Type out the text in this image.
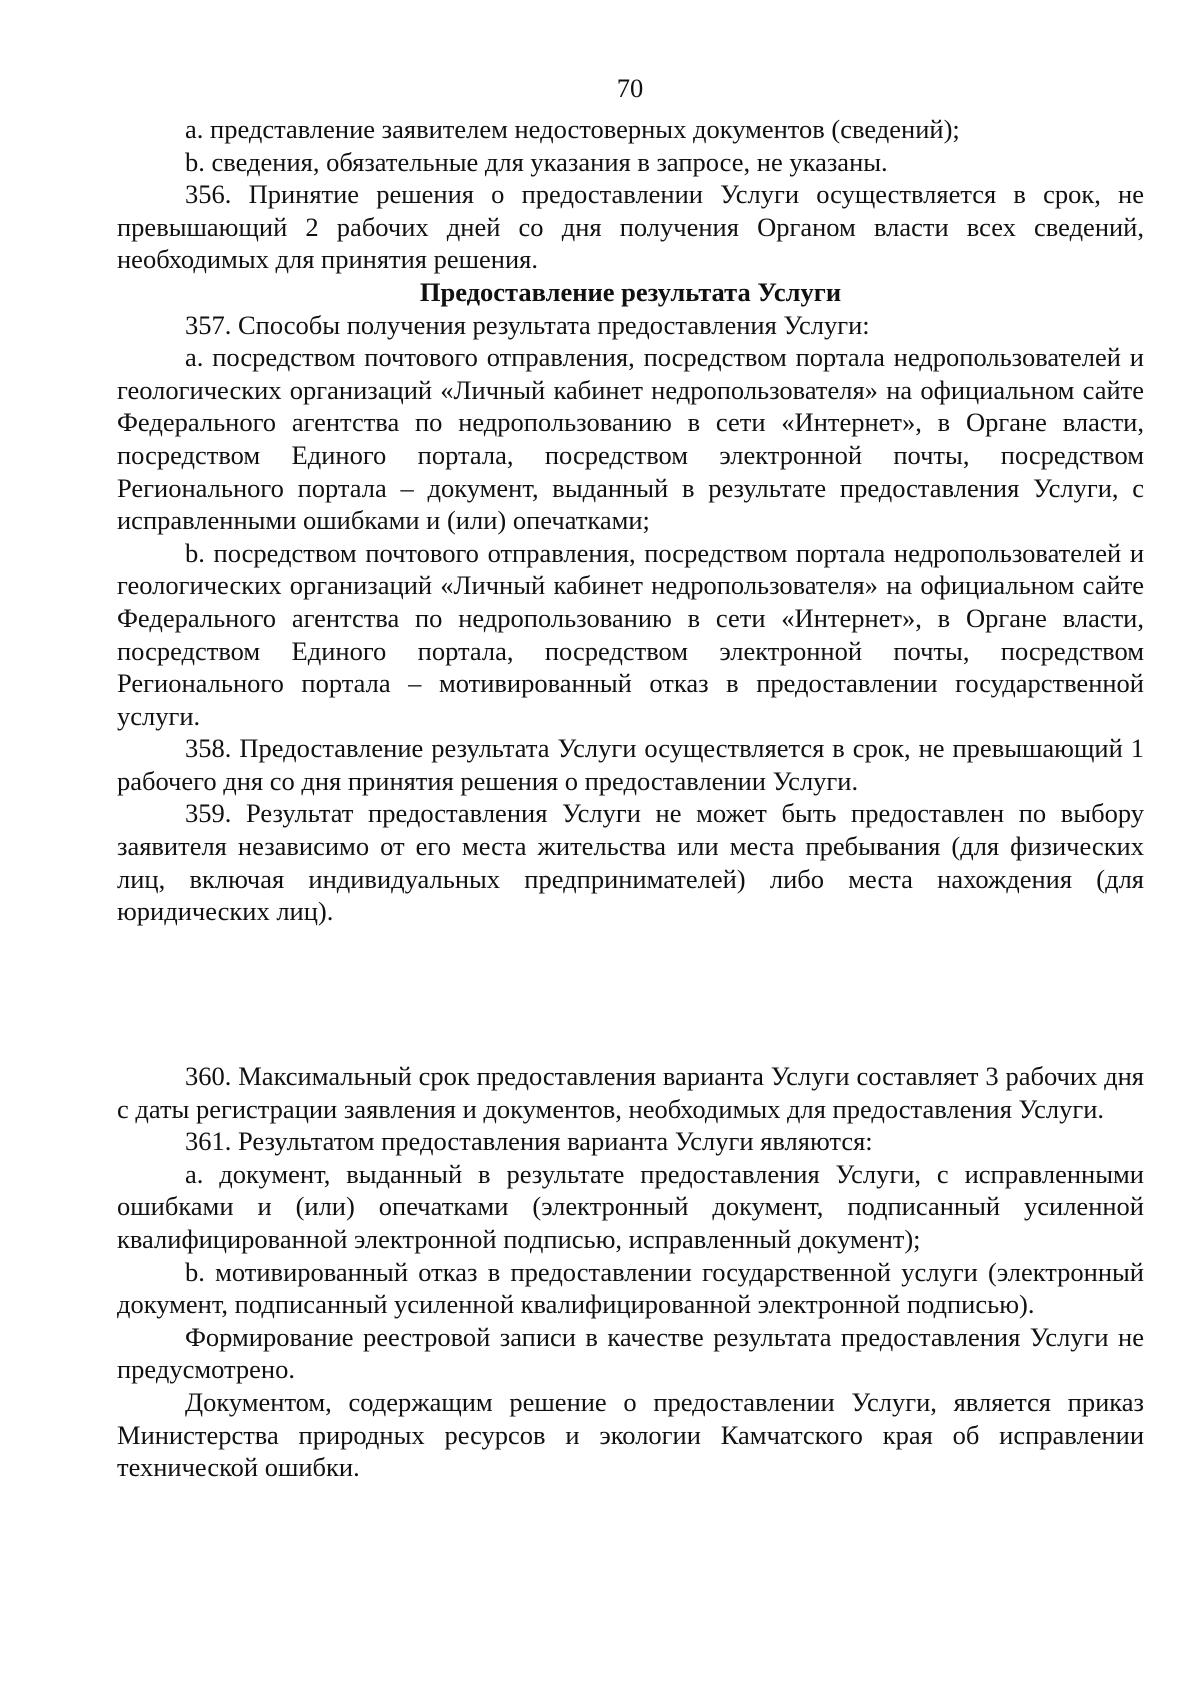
70

a. представление заявителем недостоверных документов (сведений);

b. сведения, обязательные для указания в запросе, не указаны.

356. Принятие решения о предоставлении Услуги осуществляется в срок, не превышающий 2 рабочих дней со дня получения Органом власти всех сведений, необходимых для принятия решения.

Предоставление результата Услуги

357. Способы получения результата предоставления Услуги:

a. посредством почтового отправления, посредством портала недропользователей и геологических организаций «Личный кабинет недропользователя» на официальном сайте Федерального агентства по недропользованию в сети «Интернет», в Органе власти, посредством Единого портала, посредством электронной почты, посредством Регионального портала – документ, выданный в результате предоставления Услуги, с исправленными ошибками и (или) опечатками;

b. посредством почтового отправления, посредством портала недропользователей и геологических организаций «Личный кабинет недропользователя» на официальном сайте Федерального агентства по недропользованию в сети «Интернет», в Органе власти, посредством Единого портала, посредством электронной почты, посредством Регионального портала – мотивированный отказ в предоставлении государственной услуги.

358. Предоставление результата Услуги осуществляется в срок, не превышающий 1 рабочего дня со дня принятия решения о предоставлении Услуги.

359. Результат предоставления Услуги не может быть предоставлен по выбору заявителя независимо от его места жительства или места пребывания (для физических лиц, включая индивидуальных предпринимателей) либо места нахождения (для юридических лиц).

360. Максимальный срок предоставления варианта Услуги составляет 3 рабочих дня с даты регистрации заявления и документов, необходимых для предоставления Услуги.

361. Результатом предоставления варианта Услуги являются:

a. документ, выданный в результате предоставления Услуги, с исправленными ошибками и (или) опечатками (электронный документ, подписанный усиленной квалифицированной электронной подписью, исправленный документ);

b. мотивированный отказ в предоставлении государственной услуги (электронный документ, подписанный усиленной квалифицированной электронной подписью).

Формирование реестровой записи в качестве результата предоставления Услуги не предусмотрено.

Документом, содержащим решение о предоставлении Услуги, является приказ Министерства природных ресурсов и экологии Камчатского края об исправлении технической ошибки.
